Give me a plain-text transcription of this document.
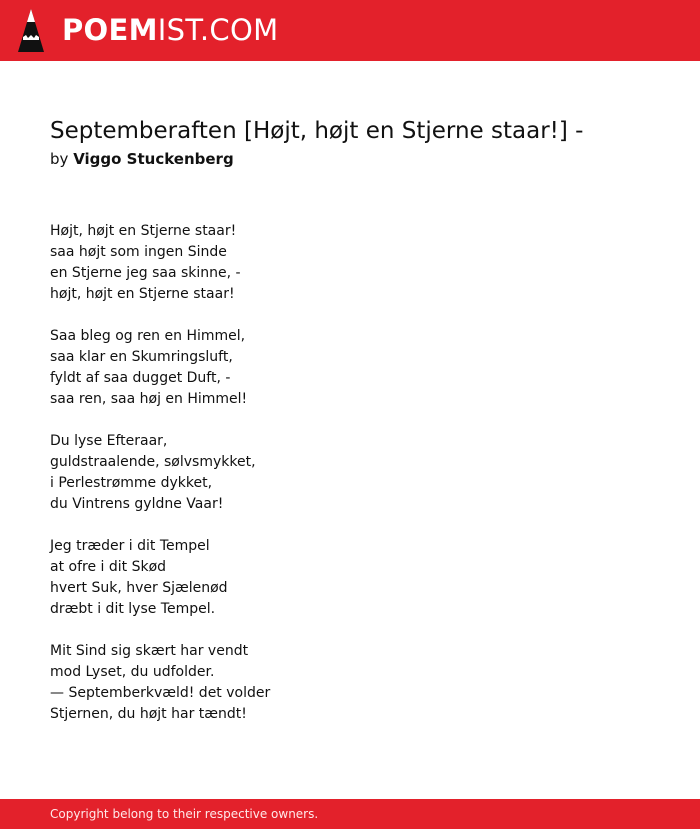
POEMIST.COM
Septemberaften [Højt, højt en Stjerne staar!] -
by Viggo Stuckenberg
Højt, højt en Stjerne staar!
saa højt som ingen Sinde
en Stjerne jeg saa skinne, -
højt, højt en Stjerne staar!
Saa bleg og ren en Himmel,
saa klar en Skumringsluft,
fyldt af saa dugget Duft, -
saa ren, saa høj en Himmel!
Du lyse Efteraar,
guldstraalende, sølvsmykket,
i Perlestrømme dykket,
du Vintrens gyldne Vaar!
Jeg træder i dit Tempel
at ofre i dit Skød
hvert Suk, hver Sjælenød
dræbt i dit lyse Tempel.
Mit Sind sig skært har vendt
mod Lyset, du udfolder.
— Septemberkvæld! det volder
Stjernen, du højt har tændt!
Copyright belong to their respective owners.
